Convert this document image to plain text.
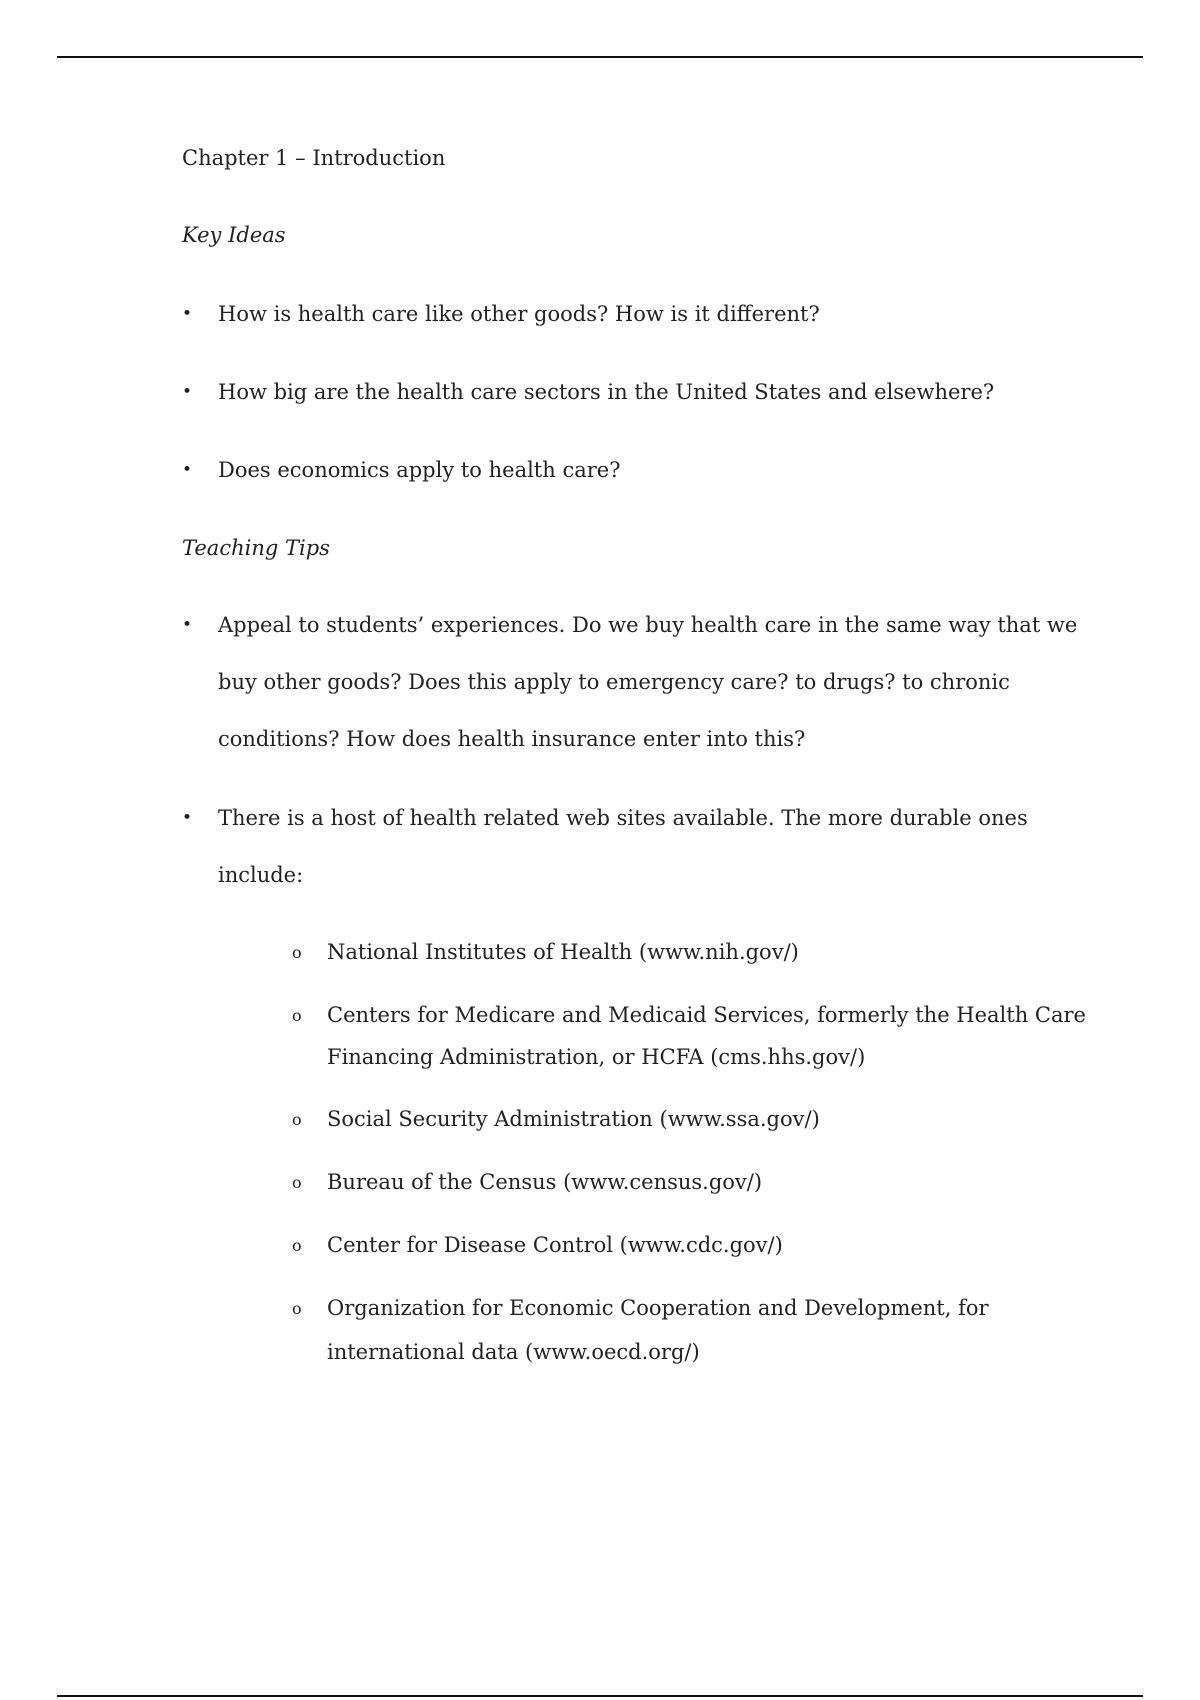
Chapter 1 – Introduction
Key Ideas
• How is health care like other goods? How is it different?
• How big are the health care sectors in the United States and elsewhere?
• Does economics apply to health care?
Teaching Tips
• Appeal to students’ experiences. Do we buy health care in the same way that we
buy other goods? Does this apply to emergency care? to drugs? to chronic
conditions? How does health insurance enter into this?
• There is a host of health related web sites available. The more durable ones
include:
o National Institutes of Health (www.nih.gov/)
o Centers for Medicare and Medicaid Services, formerly the Health Care
Financing Administration, or HCFA (cms.hhs.gov/)
o Social Security Administration (www.ssa.gov/)
o Bureau of the Census (www.census.gov/)
o Center for Disease Control (www.cdc.gov/)
o Organization for Economic Cooperation and Development, for
international data (www.oecd.org/)
